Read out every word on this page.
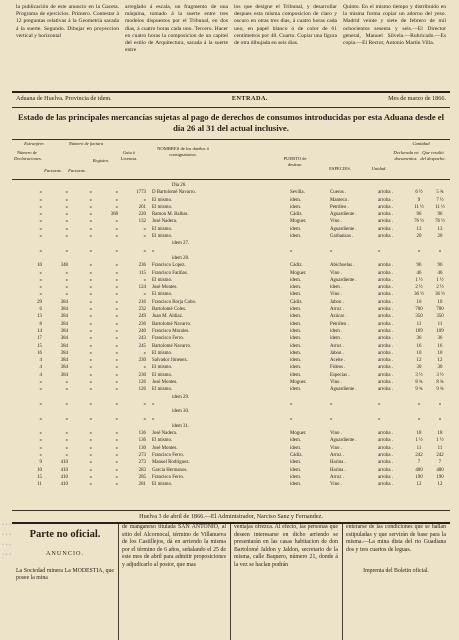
la publicación de este anuncio en la Gaceta. Programa de ejercicios. Primero. Contestar á 12 preguntas relativas á la Geometría sacada á la suerte. Segundo. Dibujar en proyeccion vertical y horizontal

arreglado á escala, un fragmento de una máquina, tomado á la suerte entre tres modelos dispuestos por el Tribunal, en dos dias, á cuatro horas cada uno. Tercero. Hacer en cuatro horas la composicion de un capitel del estilo de Arquitectura, sacada á la suerte entre

los que designe el Tribunal, y desarrollar despues esta misma composicion de claro y oscuro en otras tres dias, á cuatro horas cada uno, en papel blanco ó de color de 61 centímetros por 48. Cuarto. Copiar una figura de otra dibujada en seis dias.

Quinto. En el mismo tiempo y distribuido en la misma forma copiar un adorno del yeso. Madrid veinte y siete de febrero de mil ochocientos sesenta y seis.—El Director general, Manuel Silvela.—Rubricado.—Es copia.—El Rector, Antonio Martin Villa.

Aduana de Huelva. Provincia de idem.	ENTRADA.	Mes de marzo de 1866.
Estado de las principales mercancías sujetas al pago de derechos de consumos introducidas por esta Aduana desde el dia 26 al 31 del actual inclusive.
Extranjero	Número de factura
Número de Declaraciones.
Facturas.	Facturas.
Registro.
Guia ó Licencia.
NOMBRES de los dueños ó consignatarios.
PUERTO de destino.
ESPECIES.	Unidad.
Cantidad
Declarada en documentos.
Que resultó del despacho.
Dia 26.
»	»	»	»	1773 D Bartolomé Navarro.	Sevilla.	Cueros .	arroba .	6 ½	5 ¾
»	»	»	»	» El mismo.	idem.	Manteca .	arroba .	9	7 ½
»	»	»	»	261 El mismo.	idem.	Petróleo .	arroba .	11 ½	11 ½
»	»	»	368	220 Ramon M. Balbas.	Cádiz.	Aguardiente .	arroba .	96	96
»	»	»	»	132 José Nadera.	Moguer.	Vino .	arroba .	76 ½	76 ½
»	»	»	»	» El mismo.	idem.	Aguardiente .	arroba .	13	13
»	»	»	»	» El mismo.	idem.	Garbanzos .	arroba .	20	20
idem 27.
»	»	»	»	» »	»	»	»	»	»
idem 28.
10	348	»	»	236 Francisco Lopez.	Cádiz.	Abichuelas .	arroba .	96	96
»	»	»	»	115 Francisco Fariñas.	Moguer.	Vino .	arroba .	46	46
»	»	»	»	» El mismo.	idem.	Aguardiente .	arroba .	1 ½	1 ½
»	»	»	»	124 José Montes.	idem.	idem .	arroba .	2 ½	2 ½
»	»	»	»	» El mismo.	idem.	Vino .	arroba .	36 ½	36 ½
29	384	»	»	216 Francisco Borja Cobo.	Cádiz.	Jabon .	arroba .	10	10
6	384	»	»	232 Bartolomé Coles.	idem.	Arroz .	arroba .	700	700
13	384	»	»	249 Juan M. Aldiaz.	idem.	Azúcar .	arroba .	350	350
8	384	»	»	236 Bartolomé Navarro.	idem.	Petróleo .	arroba .	11	11
14	384	»	»	240 Francisco Morales.	idem.	idem .	arroba .	109	109
17	384	»	»	243 Francisco Ferro.	idem.	idem .	arroba .	36	36
15	384	»	»	245 Bartolomé Navarro.	idem.	Arroz .	arroba .	16	16
16	384	»	»	» El mismo.	idem.	Jabon .	arroba .	10	10
4	384	»	»	230 Salvador Jimenez.	idem.	Aceite .	arroba .	12	12
4	384	»	»	» El mismo.	idem.	Fideos .	arroba .	30	30
4	384	»	»	230 El mismo.	idem.	Especias .	arroba .	3 ½	3 ½
»	»	»	»	126 José Montes.	Moguer.	Vino .	arroba .	8 ¾	8 ¾
»	»	»	»	126 El mismo.	idem.	Aguardiente .	arroba .	9 ¾	9 ¾
idem 29.
»	»	»	»	» »	»	»	»	»	»
idem 30.
»	»	»	»	» »	»	»	»	»	»
idem 31.
»	»	»	»	136 José Nadera.	Moguer.	Vino .	arroba .	18	18
»	»	»	»	136 El mismo.	idem.	Aguardiente .	arroba .	1 ½	1 ½
»	»	»	»	130 José Montes.	idem.	Vino .	arroba .	11	11
»	»	»	»	273 Francisco Ferro.	Cádiz.	Arroz .	arroba .	242	242
9	410	»	»	273 Manuel Rodriguez.	idem.	Harina .	arroba .	7	7
10	410	»	»	283 García Hermanos.	idem.	Harina .	arroba .	400	400
15	410	»	»	285 Francisco Ferro.	idem.	Arroz .	arroba .	190	190
11	410	»	»	281 El mismo.	idem.	Vino .	arroba .	12	12
Huelva 3 de abril de 1866.—El Administrador, Narciso Sanz y Fernandez.
· · · · · · · · · · · ·
Parte no oficial.
ANUNCIO.

La Sociedad minera La MODESTIA, que posee la mina

de manganeso titulada SAN ANTONIO, al sitio del Alcornocal, término de Villanueva de los Castillejos, dá en arriendo la misma por el término de 6 años, señalando el 25 de este mes de abril para admitir proposiciones y adjudicarlo al postor, que mas

ventajas ofrezca. Al efecto, las personas que deseen interesarse en dicho arriendo se presentarán en las casas habitacion de don Bartolomé Jaldon y Jaldon, secretario de la misma, calle Baquero, número 21, donde á la vez se haclan podrán

enterarse de las condiciones que se hallan estipuladas y que servirán de base para la misma.—La mina dista del rio Guadiana dos y tres cuartos de leguas.

Imprenta del Boletin oficial.
